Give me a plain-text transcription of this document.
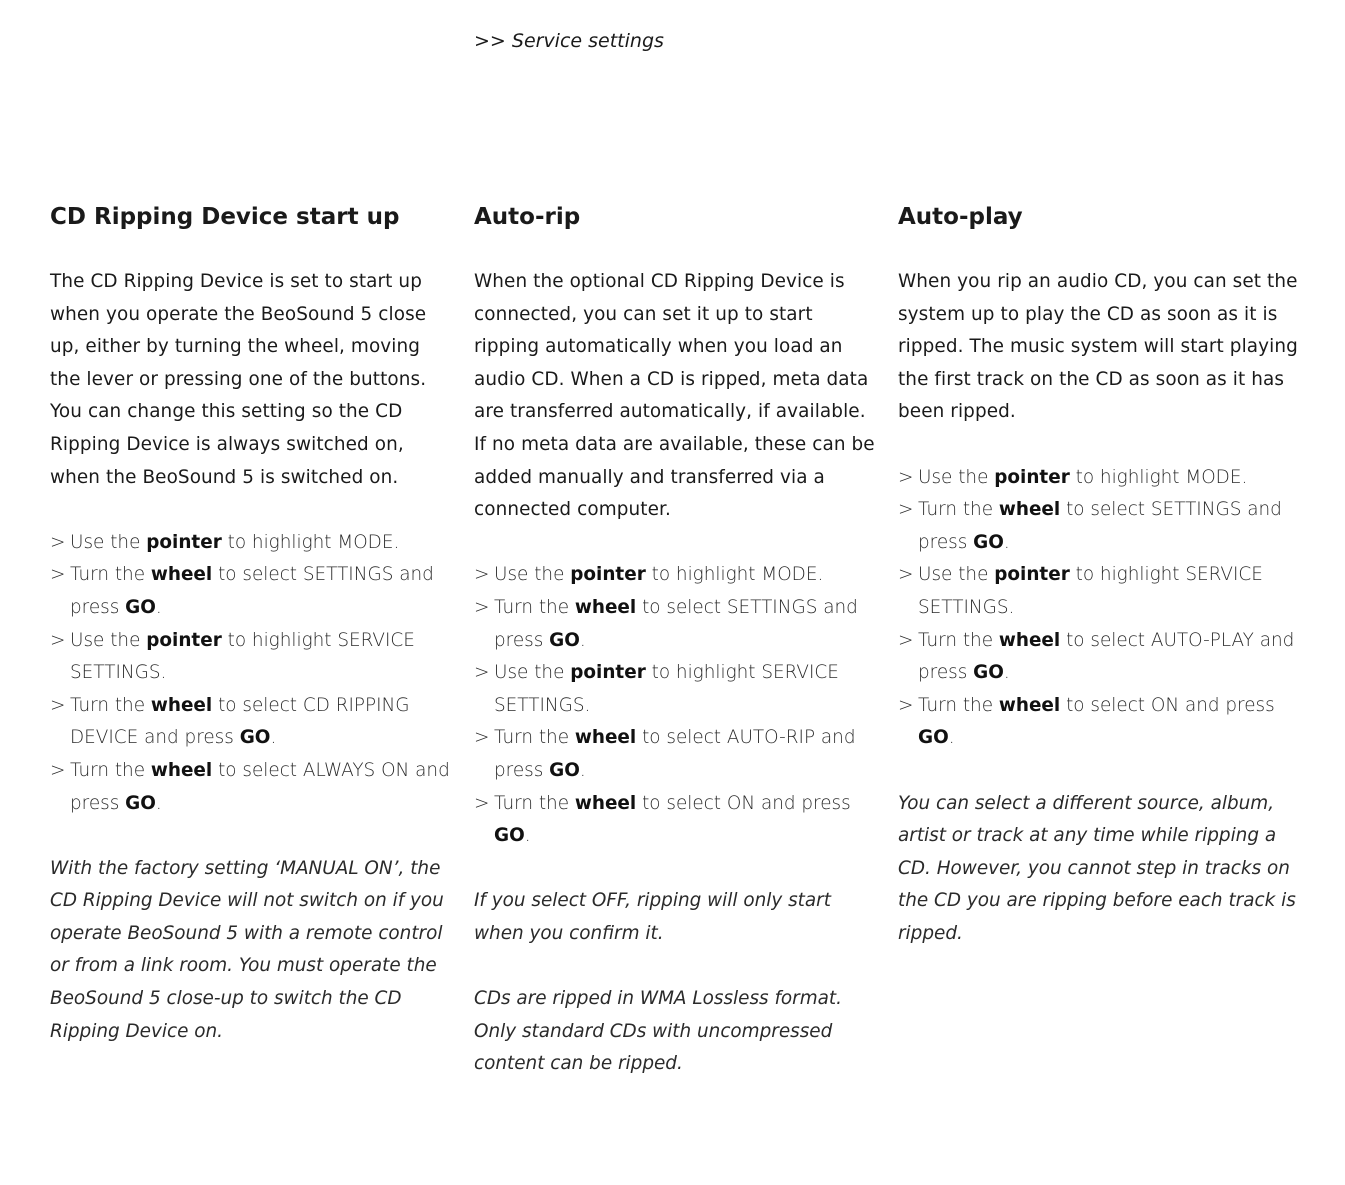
>> Service settings
CD Ripping Device start up

The CD Ripping Device is set to start up when you operate the BeoSound 5 close up, either by turning the wheel, moving the lever or pressing one of the buttons. You can change this setting so the CD Ripping Device is always switched on, when the BeoSound 5 is switched on.

> Use the pointer to highlight MODE.
> Turn the wheel to select SETTINGS and press GO.
> Use the pointer to highlight SERVICE SETTINGS.
> Turn the wheel to select CD RIPPING DEVICE and press GO.
> Turn the wheel to select ALWAYS ON and press GO.

With the factory setting ‘MANUAL ON’, the CD Ripping Device will not switch on if you operate BeoSound 5 with a remote control or from a link room. You must operate the BeoSound 5 close-up to switch the CD Ripping Device on.

Auto-rip

When the optional CD Ripping Device is connected, you can set it up to start ripping automatically when you load an audio CD. When a CD is ripped, meta data are transferred automatically, if available. If no meta data are available, these can be added manually and transferred via a connected computer.

> Use the pointer to highlight MODE.
> Turn the wheel to select SETTINGS and press GO.
> Use the pointer to highlight SERVICE SETTINGS.
> Turn the wheel to select AUTO-RIP and press GO.
> Turn the wheel to select ON and press GO.

If you select OFF, ripping will only start when you confirm it.

CDs are ripped in WMA Lossless format. Only standard CDs with uncompressed content can be ripped.

Auto-play

When you rip an audio CD, you can set the system up to play the CD as soon as it is ripped. The music system will start playing the first track on the CD as soon as it has been ripped.

> Use the pointer to highlight MODE.
> Turn the wheel to select SETTINGS and press GO.
> Use the pointer to highlight SERVICE SETTINGS.
> Turn the wheel to select AUTO-PLAY and press GO.
> Turn the wheel to select ON and press GO.

You can select a different source, album, artist or track at any time while ripping a CD. However, you cannot step in tracks on the CD you are ripping before each track is ripped.
